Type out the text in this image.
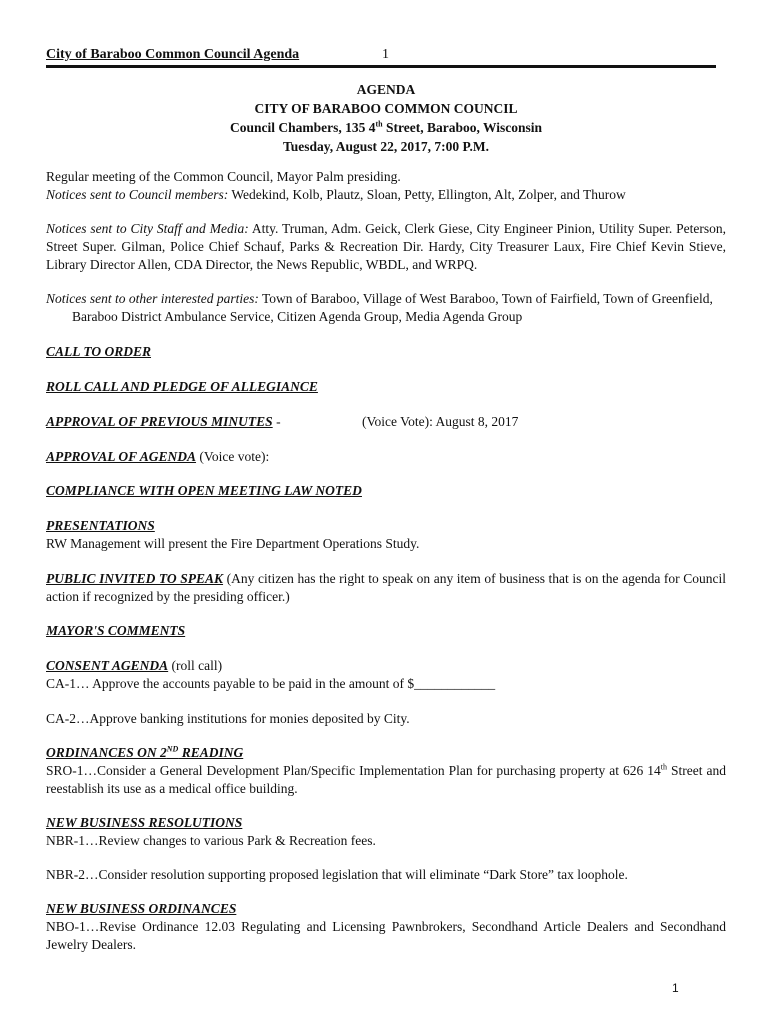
City of Baraboo Common Council Agenda	1
AGENDA
CITY OF BARABOO COMMON COUNCIL
Council Chambers, 135 4th Street, Baraboo, Wisconsin
Tuesday, August 22, 2017, 7:00 P.M.
Regular meeting of the Common Council, Mayor Palm presiding.
Notices sent to Council members: Wedekind, Kolb, Plautz, Sloan, Petty, Ellington, Alt, Zolper, and Thurow
Notices sent to City Staff and Media: Atty. Truman, Adm. Geick, Clerk Giese, City Engineer Pinion, Utility Super. Peterson, Street Super. Gilman, Police Chief Schauf, Parks & Recreation Dir. Hardy, City Treasurer Laux, Fire Chief Kevin Stieve, Library Director Allen, CDA Director, the News Republic, WBDL, and WRPQ.
Notices sent to other interested parties: Town of Baraboo, Village of West Baraboo, Town of Fairfield, Town of Greenfield,
Baraboo District Ambulance Service, Citizen Agenda Group, Media Agenda Group
CALL TO ORDER
ROLL CALL AND PLEDGE OF ALLEGIANCE
APPROVAL OF PREVIOUS MINUTES -	(Voice Vote): August 8, 2017
APPROVAL OF AGENDA (Voice vote):
COMPLIANCE WITH OPEN MEETING LAW NOTED
PRESENTATIONS
RW Management will present the Fire Department Operations Study.
PUBLIC INVITED TO SPEAK (Any citizen has the right to speak on any item of business that is on the agenda for Council action if recognized by the presiding officer.)
MAYOR'S COMMENTS
CONSENT AGENDA (roll call)
CA-1… Approve the accounts payable to be paid in the amount of $____________
CA-2…Approve banking institutions for monies deposited by City.
ORDINANCES ON 2ND READING
SRO-1…Consider a General Development Plan/Specific Implementation Plan for purchasing property at 626 14th Street and reestablish its use as a medical office building.
NEW BUSINESS RESOLUTIONS
NBR-1…Review changes to various Park & Recreation fees.
NBR-2…Consider resolution supporting proposed legislation that will eliminate “Dark Store” tax loophole.
NEW BUSINESS ORDINANCES
NBO-1…Revise Ordinance 12.03 Regulating and Licensing Pawnbrokers, Secondhand Article Dealers and Secondhand Jewelry Dealers.
1
